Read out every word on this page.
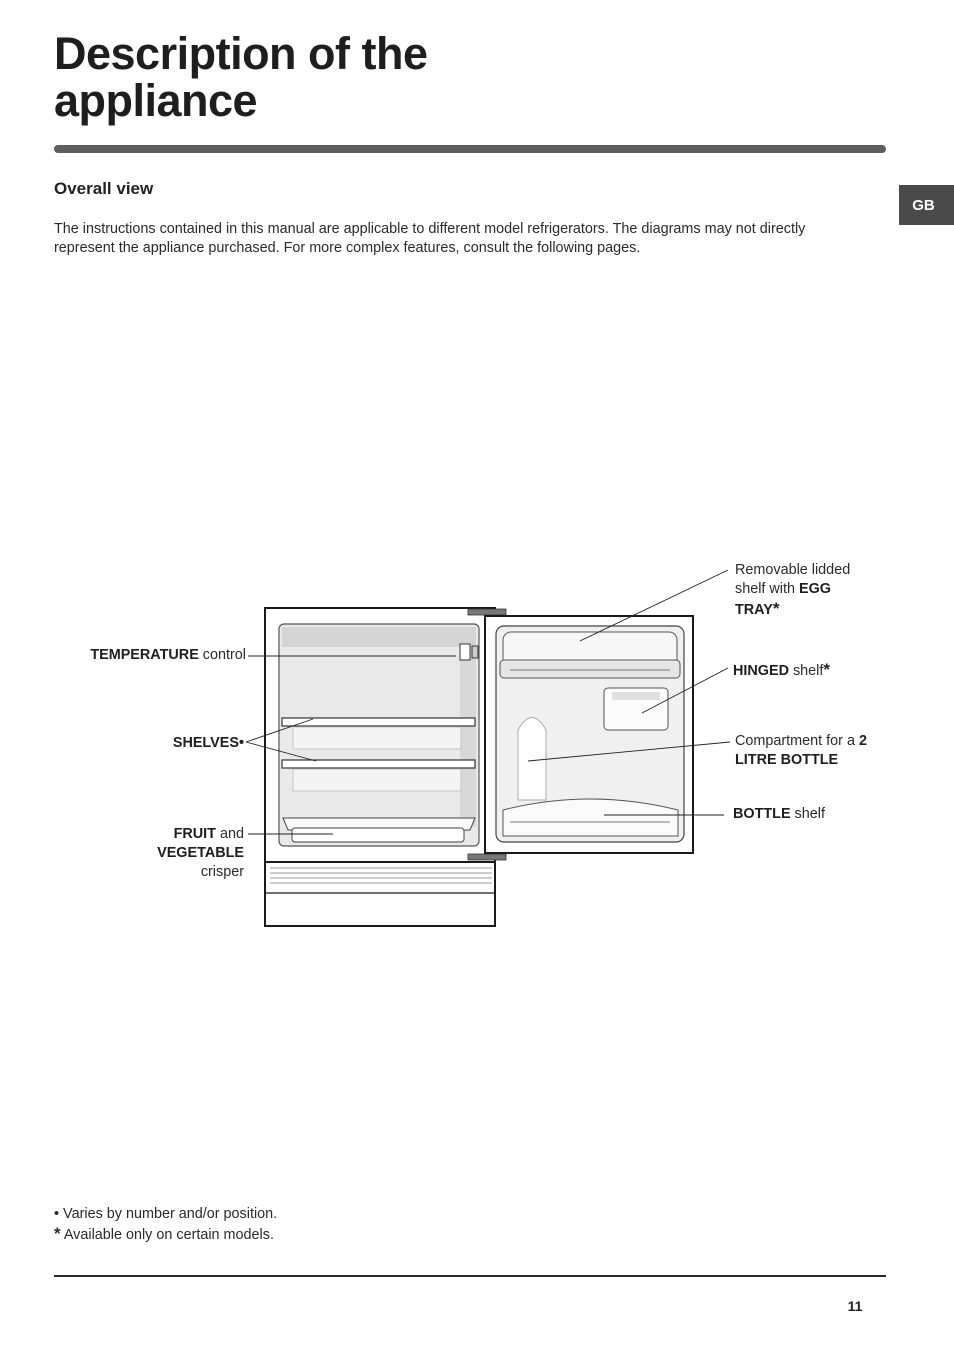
Description of the
appliance
GB
Overall view

The instructions contained in this manual are applicable to different model refrigerators. The diagrams may not directly represent the appliance purchased. For more complex features, consult the following pages.

TEMPERATURE control

SHELVES•

FRUIT and
VEGETABLE
crisper

Removable lidded
shelf with EGG
TRAY*

HINGED shelf*

Compartment for a 2
LITRE BOTTLE

BOTTLE shelf

• Varies by number and/or position.
* Available only on certain models.
11
